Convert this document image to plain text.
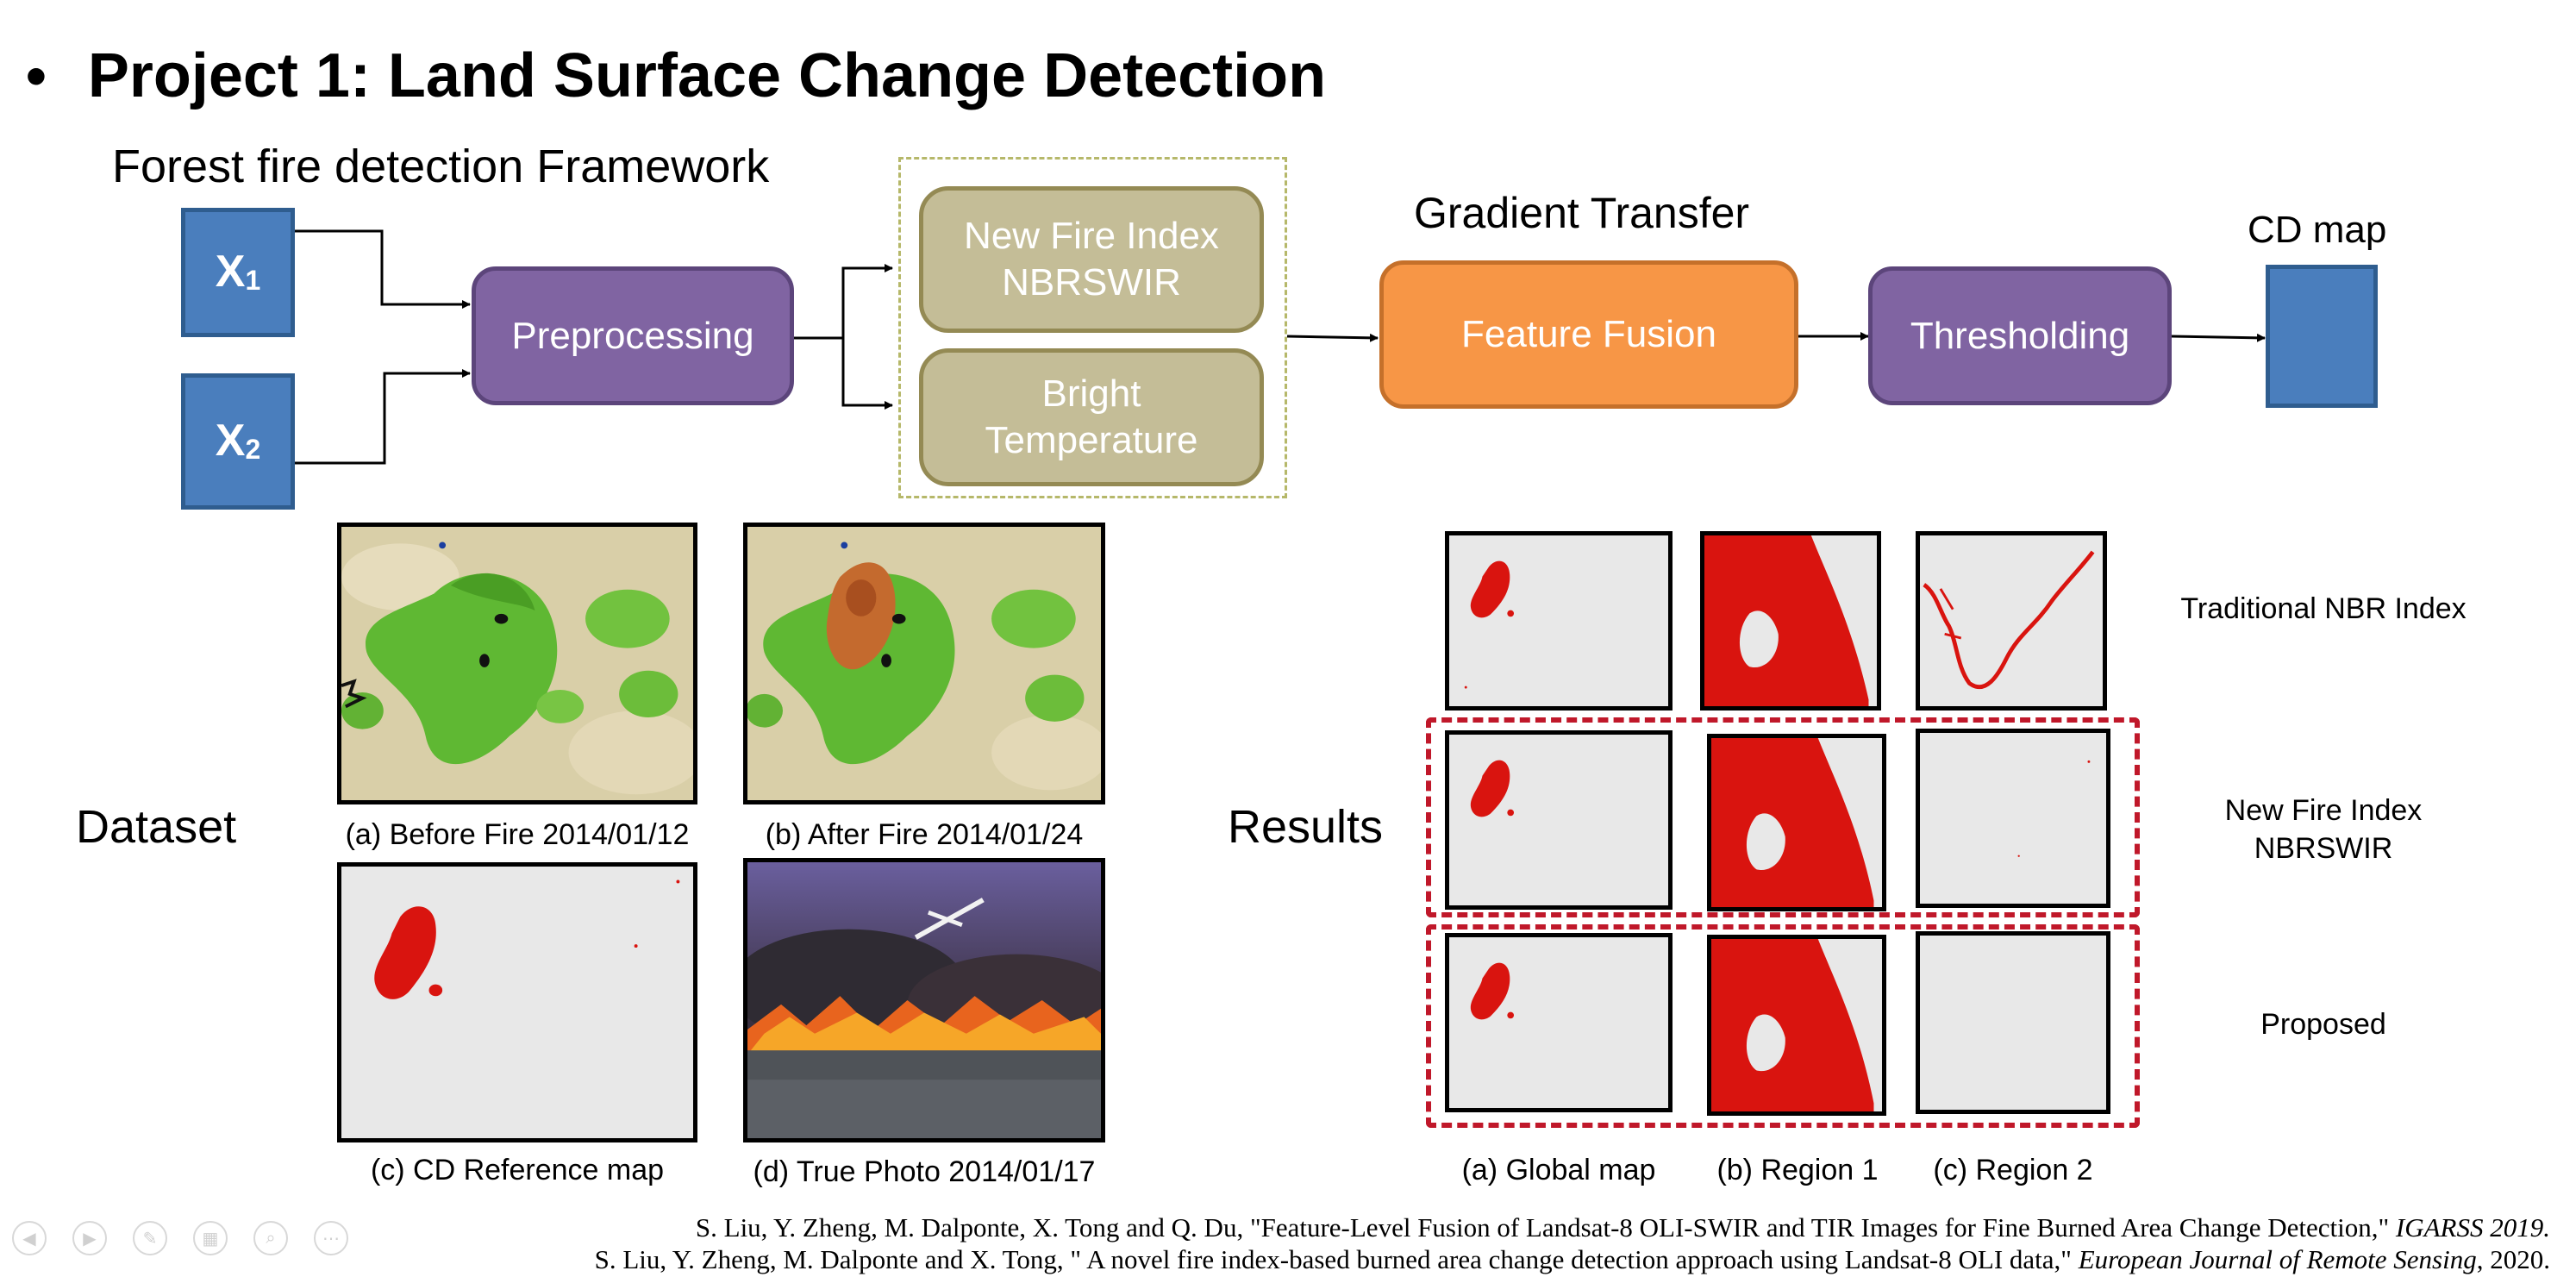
• Project 1: Land Surface Change Detection
Forest fire detection Framework
$X_1$
$X_2$
Preprocessing
New Fire Index
NBRSWIR
Bright
Temperature
Gradient Transfer
Feature Fusion	Thresholding
CD map
Dataset	(a) Before Fire 2014/01/12	(b) After Fire 2014/01/24
(c) CD Reference map	(d) True Photo 2014/01/17
Results
Traditional NBR Index
New Fire Index
NBRSWIR
Proposed
(a) Global map	(b) Region 1	(c) Region 2
S. Liu, Y. Zheng, M. Dalponte, X. Tong and Q. Du, "Feature-Level Fusion of Landsat-8 OLI-SWIR and TIR Images for Fine Burned Area Change Detection," IGARSS 2019.
S. Liu, Y. Zheng, M. Dalponte and X. Tong, " A novel fire index-based burned area change detection approach using Landsat-8 OLI data," European Journal of Remote Sensing, 2020.
◀	▶	✎	▦	⌕	⋯
